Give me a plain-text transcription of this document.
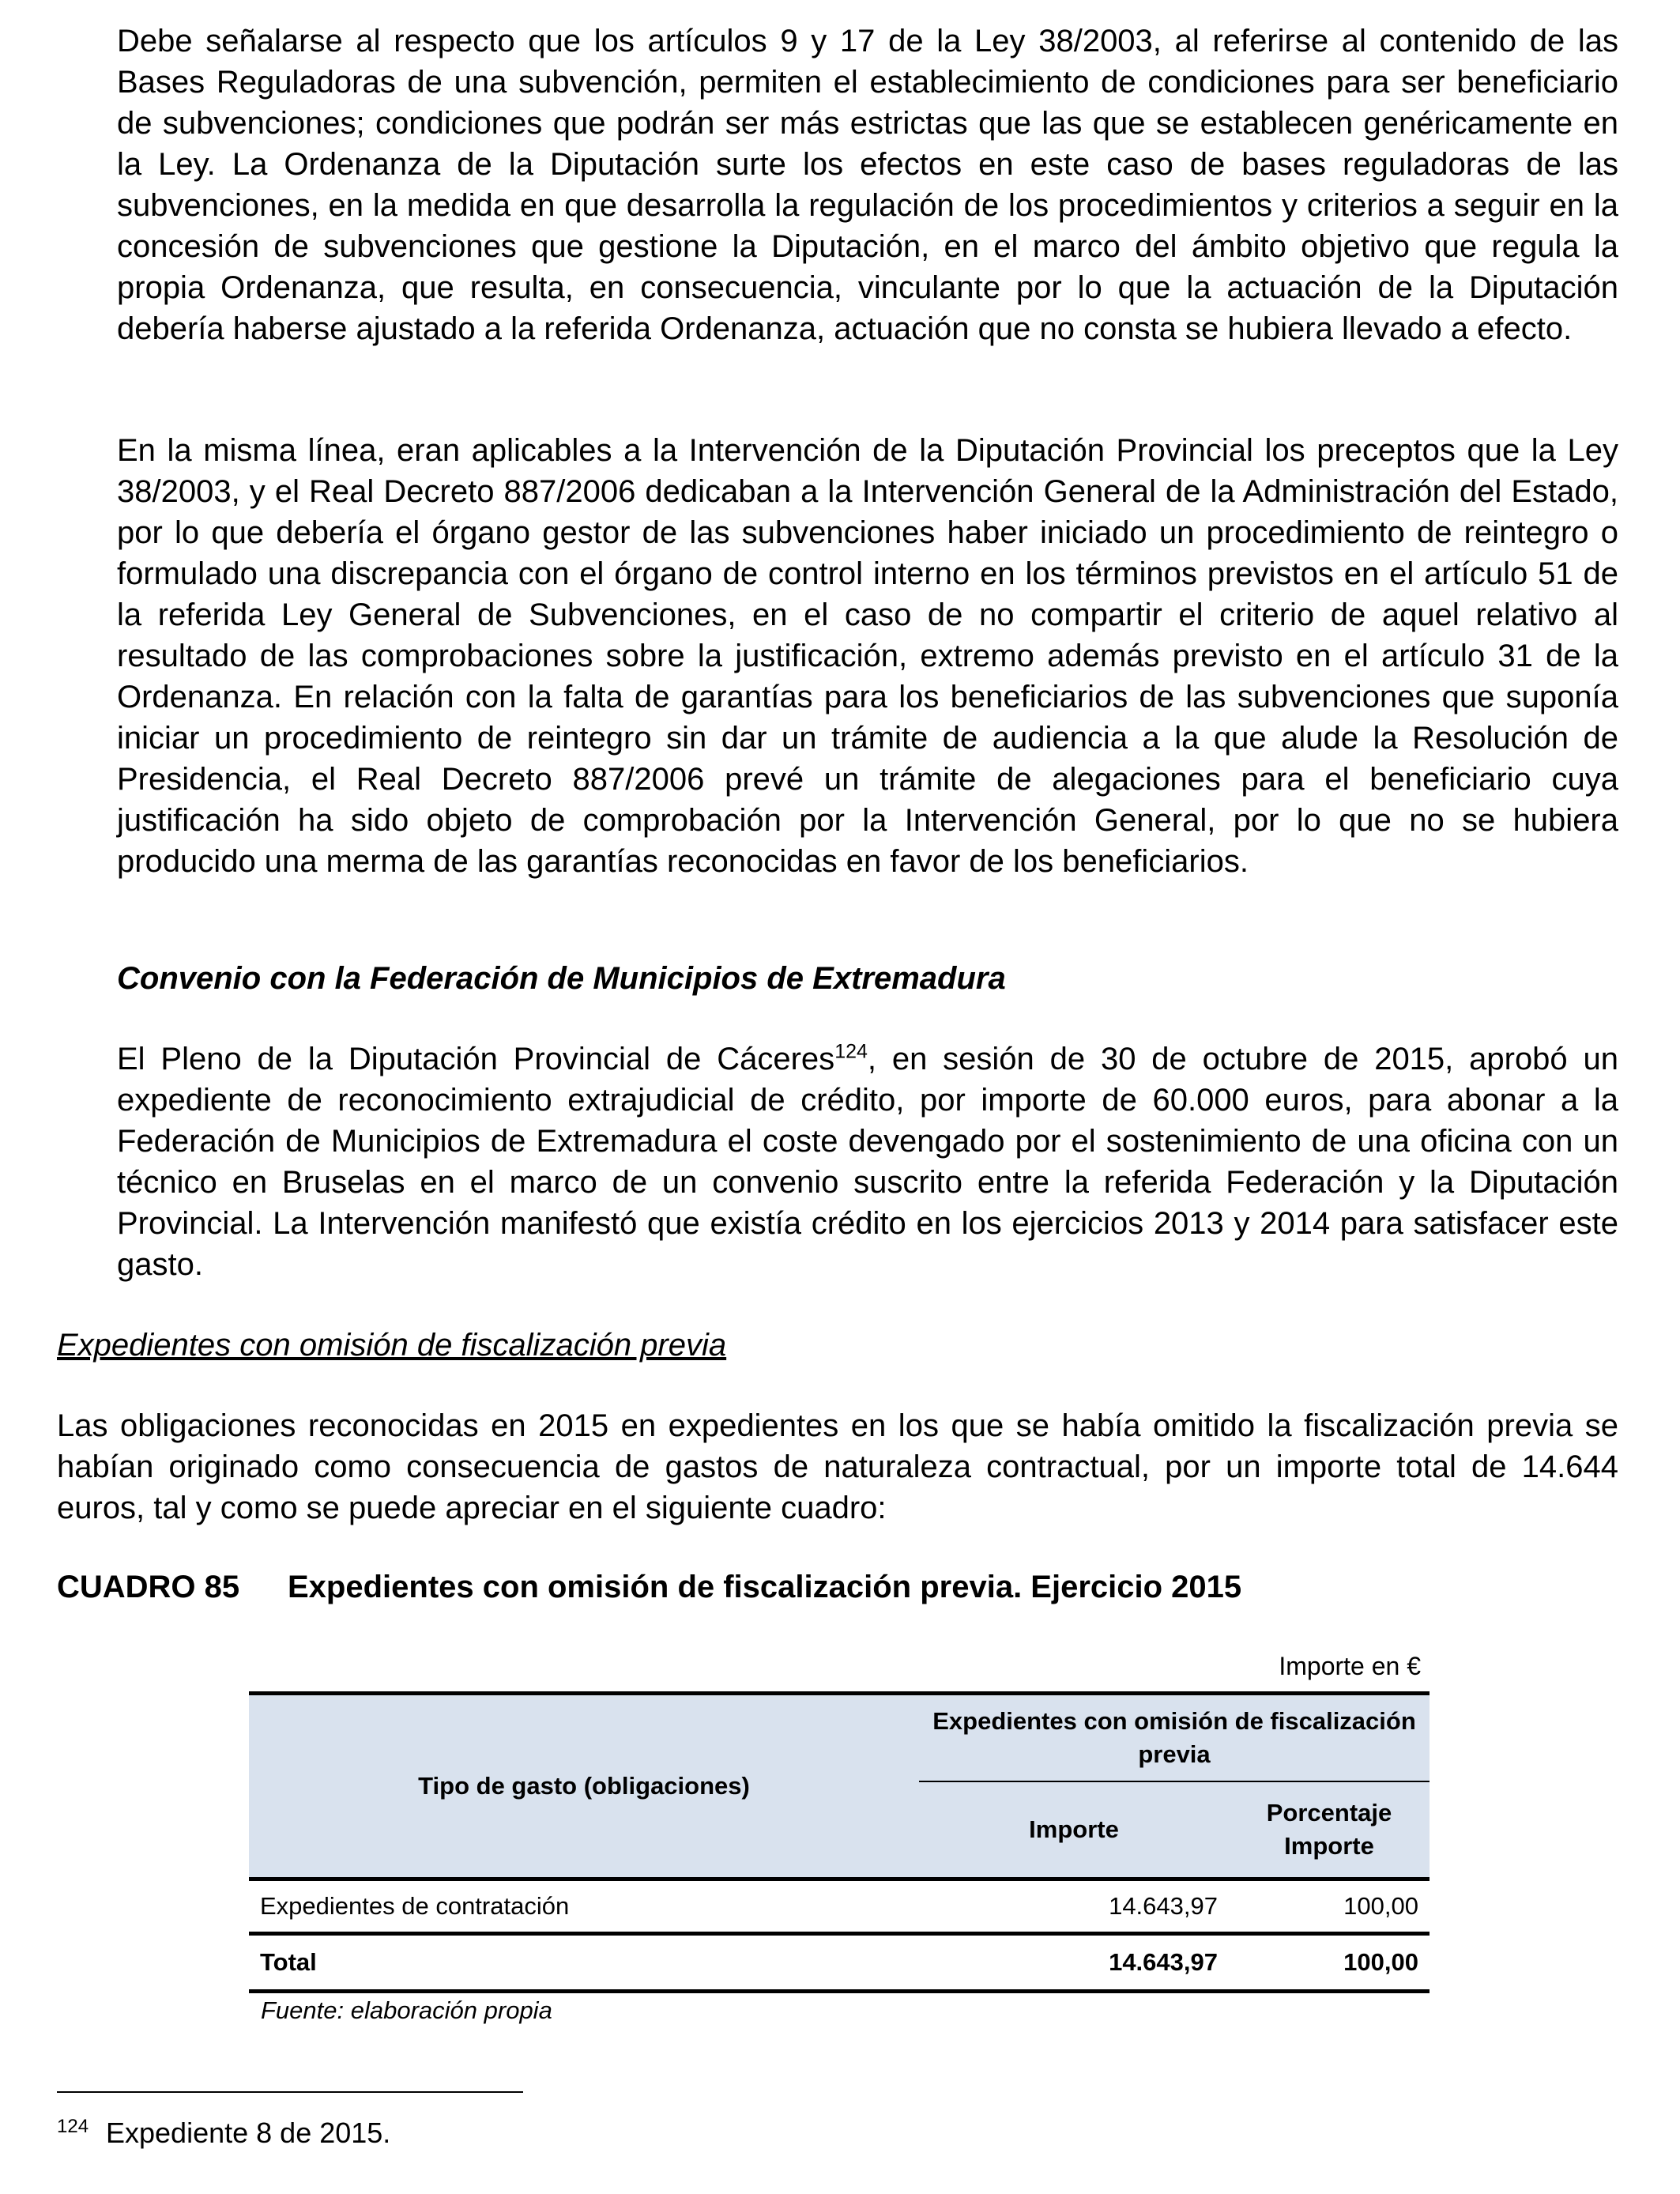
Debe señalarse al respecto que los artículos 9 y 17 de la Ley 38/2003, al referirse al contenido de las Bases Reguladoras de una subvención, permiten el establecimiento de condiciones para ser beneficiario de subvenciones; condiciones que podrán ser más estrictas que las que se establecen genéricamente en la Ley. La Ordenanza de la Diputación surte los efectos en este caso de bases reguladoras de las subvenciones, en la medida en que desarrolla la regulación de los procedimientos y criterios a seguir en la concesión de subvenciones que gestione la Diputación, en el marco del ámbito objetivo que regula la propia Ordenanza, que resulta, en consecuencia, vinculante por lo que la actuación de la Diputación debería haberse ajustado a la referida Ordenanza, actuación que no consta se hubiera llevado a efecto.

En la misma línea, eran aplicables a la Intervención de la Diputación Provincial los preceptos que la Ley 38/2003, y el Real Decreto 887/2006 dedicaban a la Intervención General de la Administración del Estado, por lo que debería el órgano gestor de las subvenciones haber iniciado un procedimiento de reintegro o formulado una discrepancia con el órgano de control interno en los términos previstos en el artículo 51 de la referida Ley General de Subvenciones, en el caso de no compartir el criterio de aquel relativo al resultado de las comprobaciones sobre la justificación, extremo además previsto en el artículo 31 de la Ordenanza. En relación con la falta de garantías para los beneficiarios de las subvenciones que suponía iniciar un procedimiento de reintegro sin dar un trámite de audiencia a la que alude la Resolución de Presidencia, el Real Decreto 887/2006 prevé un trámite de alegaciones para el beneficiario cuya justificación ha sido objeto de comprobación por la Intervención General, por lo que no se hubiera producido una merma de las garantías reconocidas en favor de los beneficiarios.

Convenio con la Federación de Municipios de Extremadura

El Pleno de la Diputación Provincial de Cáceres$^{124}$, en sesión de 30 de octubre de 2015, aprobó un expediente de reconocimiento extrajudicial de crédito, por importe de 60.000 euros, para abonar a la Federación de Municipios de Extremadura el coste devengado por el sostenimiento de una oficina con un técnico en Bruselas en el marco de un convenio suscrito entre la referida Federación y la Diputación Provincial. La Intervención manifestó que existía crédito en los ejercicios 2013 y 2014 para satisfacer este gasto.

Expedientes con omisión de fiscalización previa

Las obligaciones reconocidas en 2015 en expedientes en los que se había omitido la fiscalización previa se habían originado como consecuencia de gastos de naturaleza contractual, por un importe total de 14.644 euros, tal y como se puede apreciar en el siguiente cuadro:

CUADRO 85 Expedientes con omisión de fiscalización previa. Ejercicio 2015

Importe en €
Tipo de gasto (obligaciones)	Expedientes con omisión de fiscalización previa	
	Importe	Porcentaje Importe
Expedientes de contratación	14.643,97	100,00
Total	14.643,97	100,00
Fuente: elaboración propia
124 Expediente 8 de 2015.
